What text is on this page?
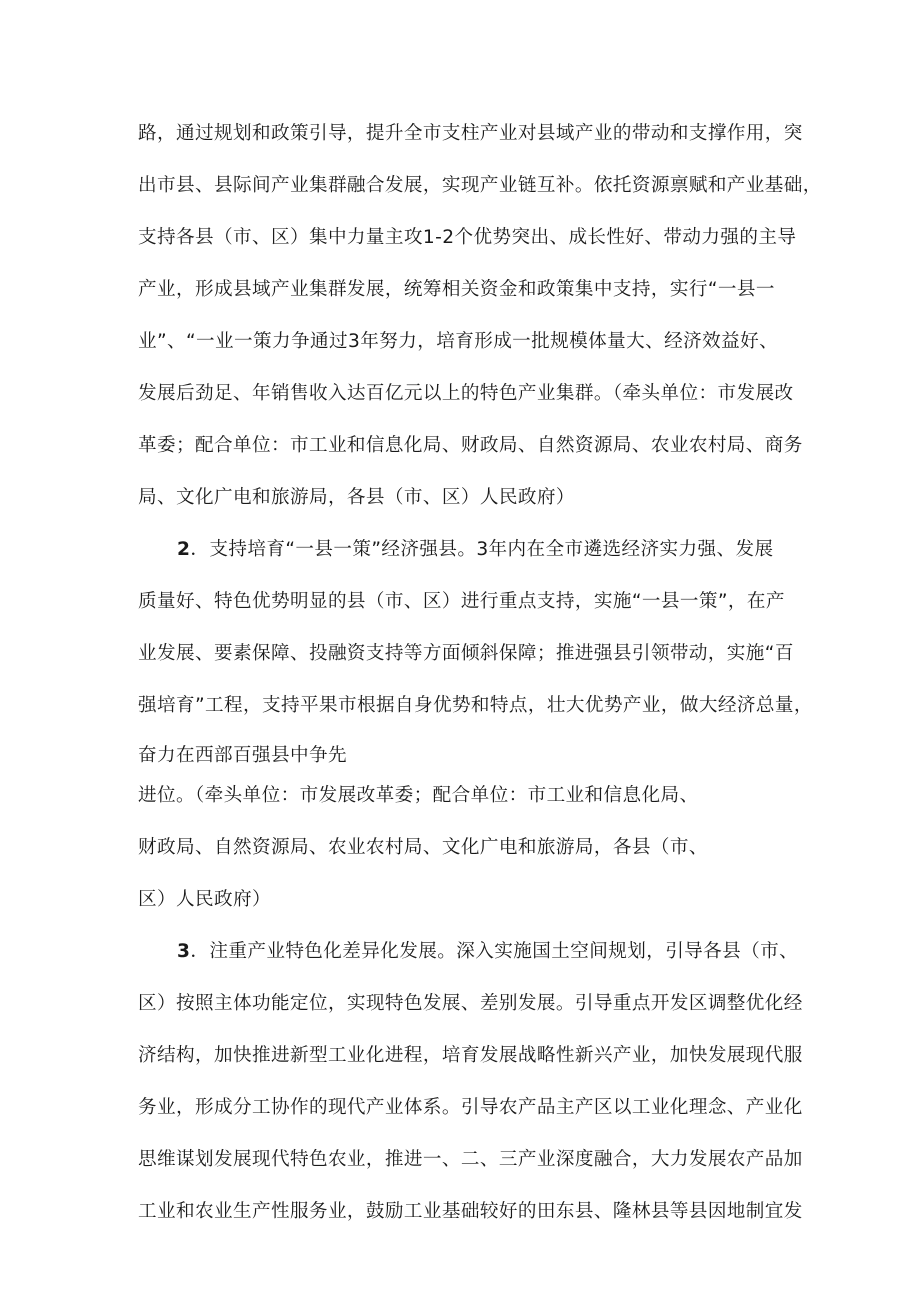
路，通过规划和政策引导，提升全市支柱产业对县域产业的带动和支撑作用，突
出市县、县际间产业集群融合发展，实现产业链互补。依托资源禀赋和产业基础，
支持各县（市、区）集中力量主攻1-2个优势突出、成长性好、带动力强的主导
产业，形成县域产业集群发展，统筹相关资金和政策集中支持，实行“一县一
业”、“一业一策力争通过3年努力，培育形成一批规模体量大、经济效益好、
发展后劲足、年销售收入达百亿元以上的特色产业集群。（牵头单位：市发展改
革委；配合单位：市工业和信息化局、财政局、自然资源局、农业农村局、商务
局、文化广电和旅游局，各县（市、区）人民政府）
2．支持培育“一县一策”经济强县。3年内在全市遴选经济实力强、发展
质量好、特色优势明显的县（市、区）进行重点支持，实施“一县一策”，在产
业发展、要素保障、投融资支持等方面倾斜保障；推进强县引领带动，实施“百
强培育”工程，支持平果市根据自身优势和特点，壮大优势产业，做大经济总量，
奋力在西部百强县中争先
进位。（牵头单位：市发展改革委；配合单位：市工业和信息化局、
财政局、自然资源局、农业农村局、文化广电和旅游局，各县（市、
区）人民政府）
3．注重产业特色化差异化发展。深入实施国土空间规划，引导各县（市、
区）按照主体功能定位，实现特色发展、差别发展。引导重点开发区调整优化经
济结构，加快推进新型工业化进程，培育发展战略性新兴产业，加快发展现代服
务业，形成分工协作的现代产业体系。引导农产品主产区以工业化理念、产业化
思维谋划发展现代特色农业，推进一、二、三产业深度融合，大力发展农产品加
工业和农业生产性服务业，鼓励工业基础较好的田东县、隆林县等县因地制宜发
